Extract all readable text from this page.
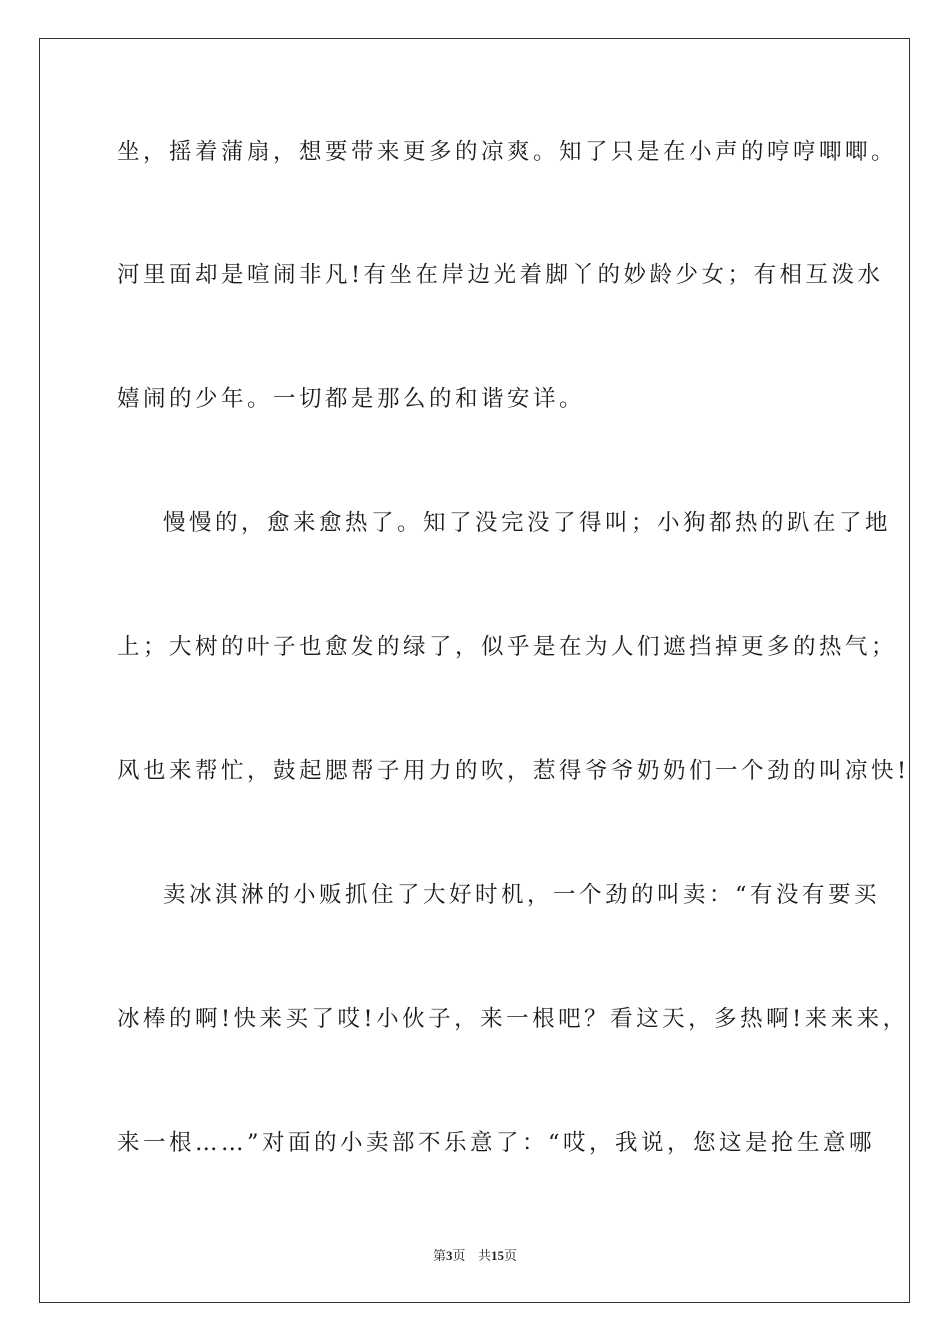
坐，摇着蒲扇，想要带来更多的凉爽。知了只是在小声的哼哼唧唧。
河里面却是喧闹非凡!有坐在岸边光着脚丫的妙龄少女；有相互泼水
嬉闹的少年。一切都是那么的和谐安详。
慢慢的，愈来愈热了。知了没完没了得叫；小狗都热的趴在了地
上；大树的叶子也愈发的绿了，似乎是在为人们遮挡掉更多的热气；
风也来帮忙，鼓起腮帮子用力的吹，惹得爷爷奶奶们一个劲的叫凉快!
卖冰淇淋的小贩抓住了大好时机，一个劲的叫卖：“有没有要买
冰棒的啊!快来买了哎!小伙子，来一根吧？看这天，多热啊!来来来，
来一根……”对面的小卖部不乐意了：“哎，我说，您这是抢生意哪
第3页 共15页
